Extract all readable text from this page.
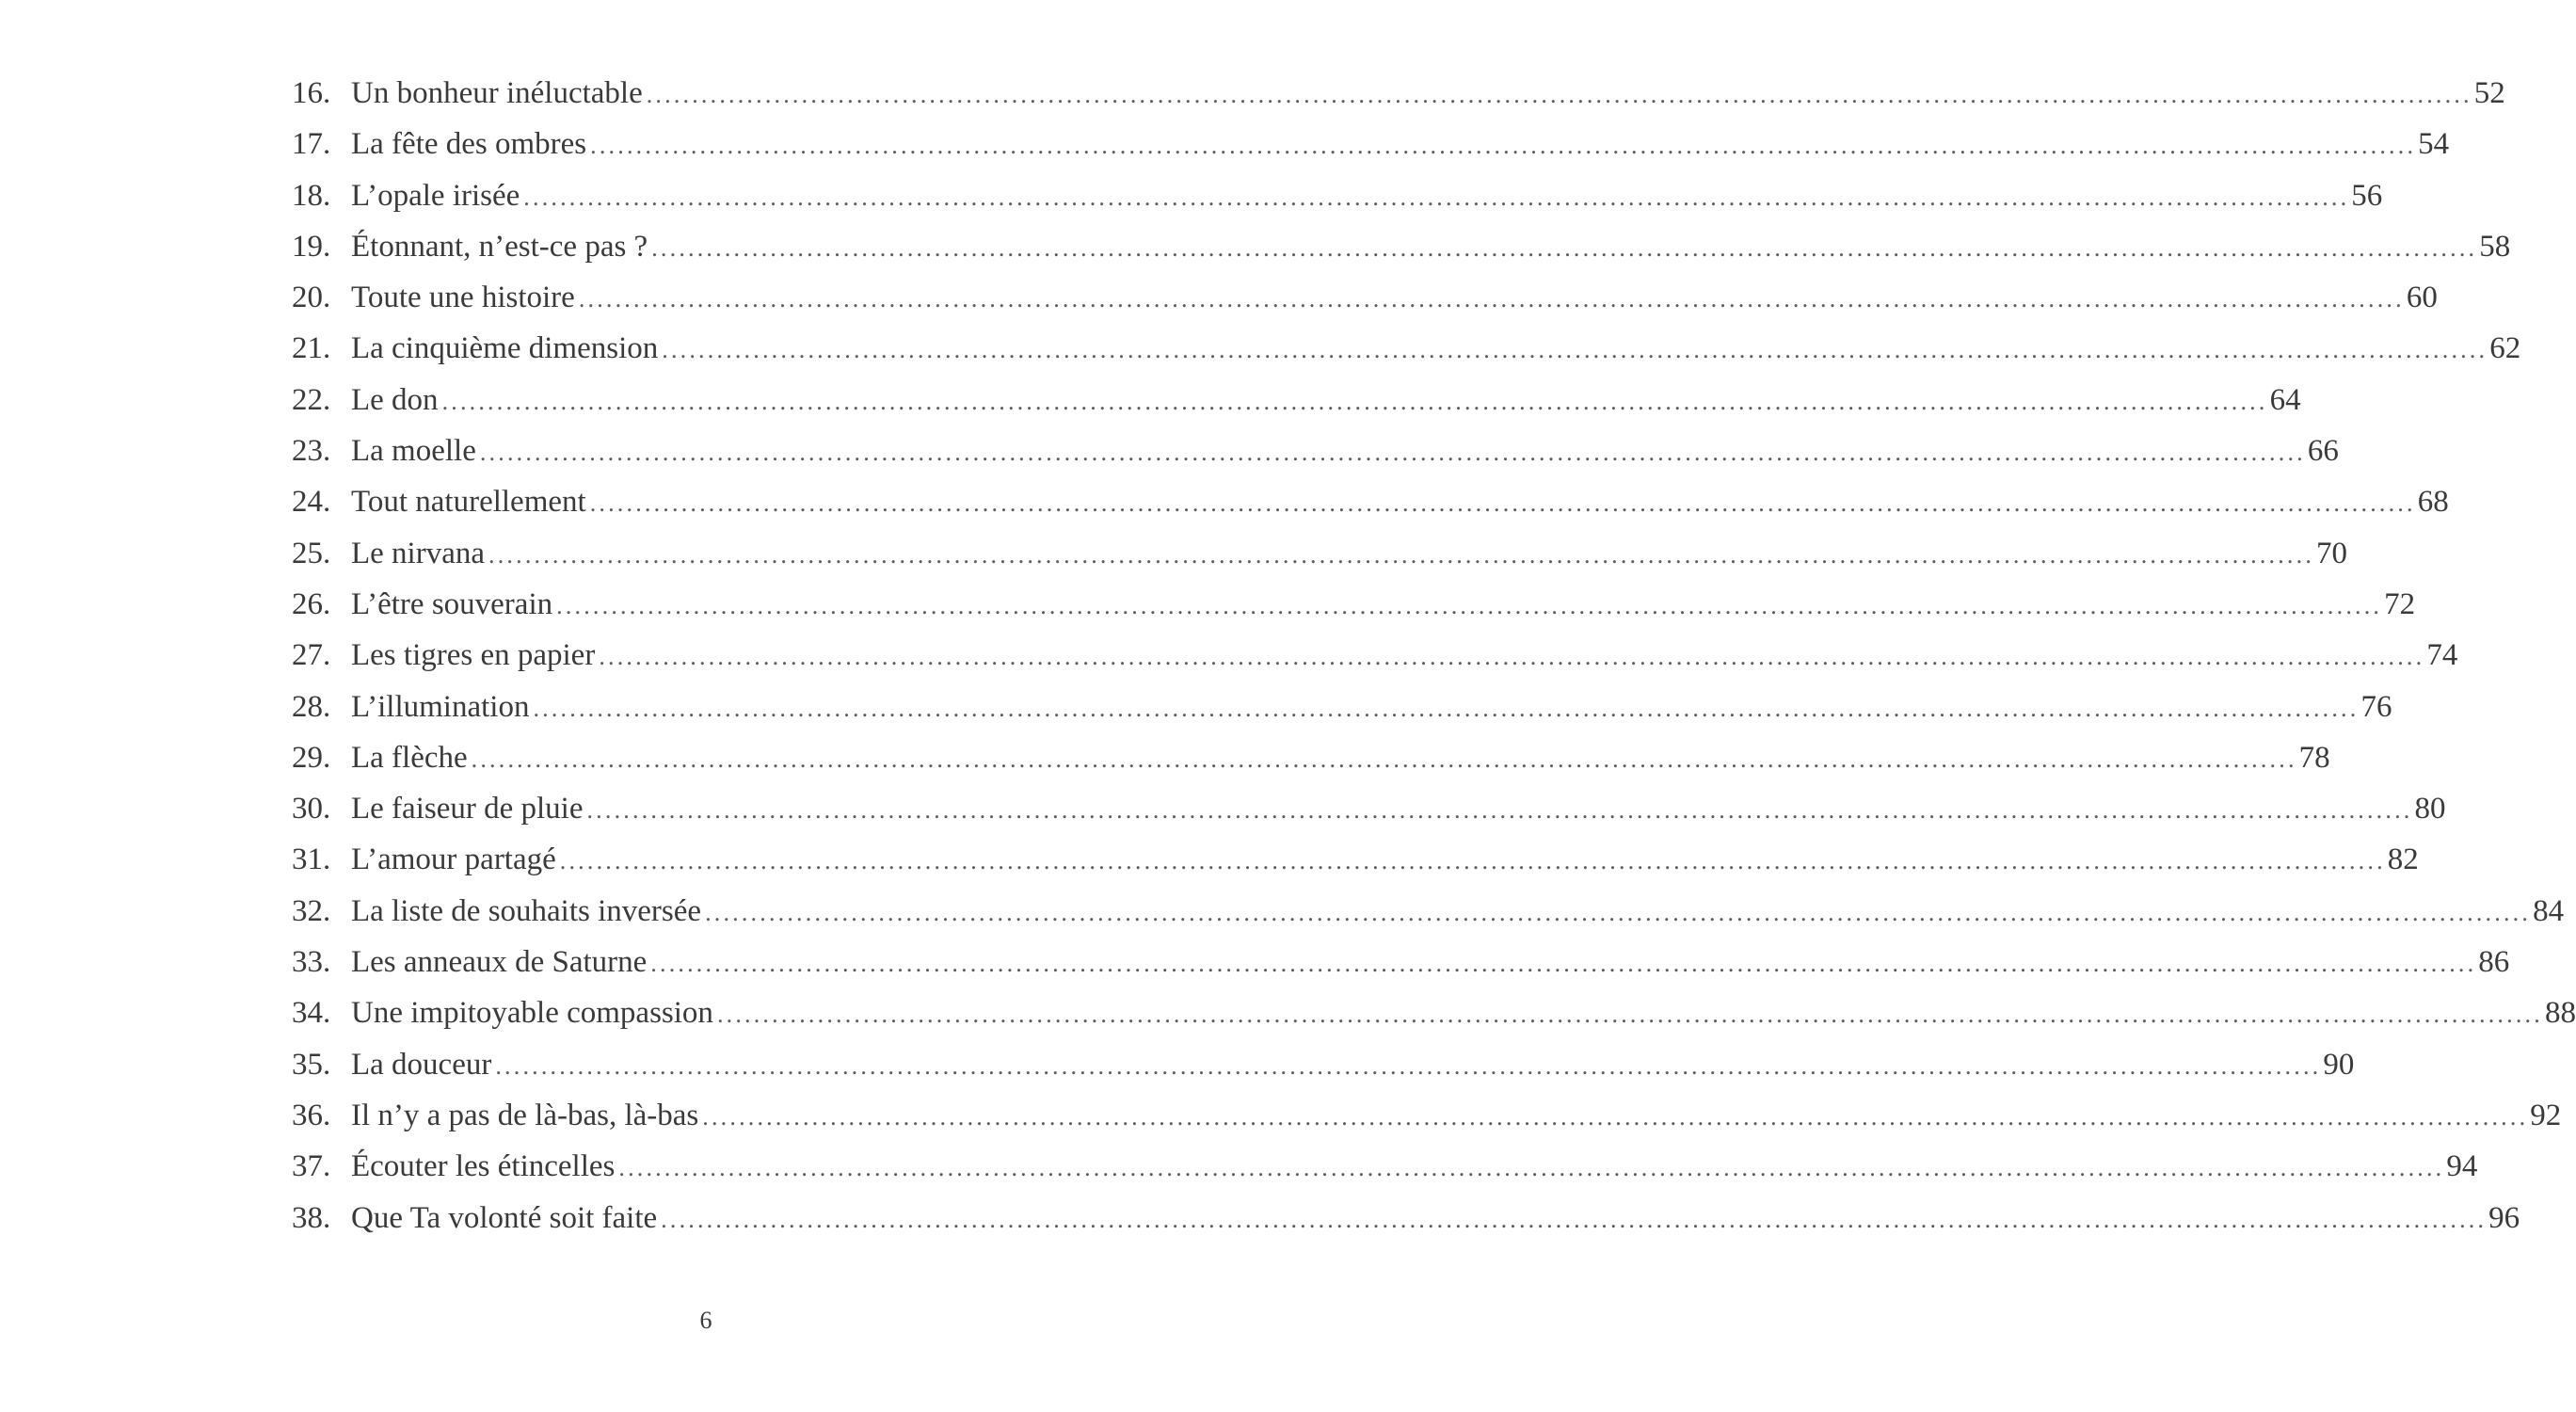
16. Un bonheur inéluctable ........................................................................................................................................................................................................ 52
17. La fête des ombres ........................................................................................................................................................................................................ 54
18. L’opale irisée ........................................................................................................................................................................................................ 56
19. Étonnant, n’est-ce pas ? ........................................................................................................................................................................................................ 58
20. Toute une histoire ........................................................................................................................................................................................................ 60
21. La cinquième dimension ........................................................................................................................................................................................................ 62
22. Le don ........................................................................................................................................................................................................ 64
23. La moelle ........................................................................................................................................................................................................ 66
24. Tout naturellement ........................................................................................................................................................................................................ 68
25. Le nirvana ........................................................................................................................................................................................................ 70
26. L’être souverain ........................................................................................................................................................................................................ 72
27. Les tigres en papier ........................................................................................................................................................................................................ 74
28. L’illumination ........................................................................................................................................................................................................ 76
29. La flèche ........................................................................................................................................................................................................ 78
30. Le faiseur de pluie ........................................................................................................................................................................................................ 80
31. L’amour partagé ........................................................................................................................................................................................................ 82
32. La liste de souhaits inversée ........................................................................................................................................................................................................ 84
33. Les anneaux de Saturne ........................................................................................................................................................................................................ 86
34. Une impitoyable compassion ........................................................................................................................................................................................................ 88
35. La douceur ........................................................................................................................................................................................................ 90
36. Il n’y a pas de là-bas, là-bas ........................................................................................................................................................................................................ 92
37. Écouter les étincelles ........................................................................................................................................................................................................ 94
38. Que Ta volonté soit faite ........................................................................................................................................................................................................ 96
6
